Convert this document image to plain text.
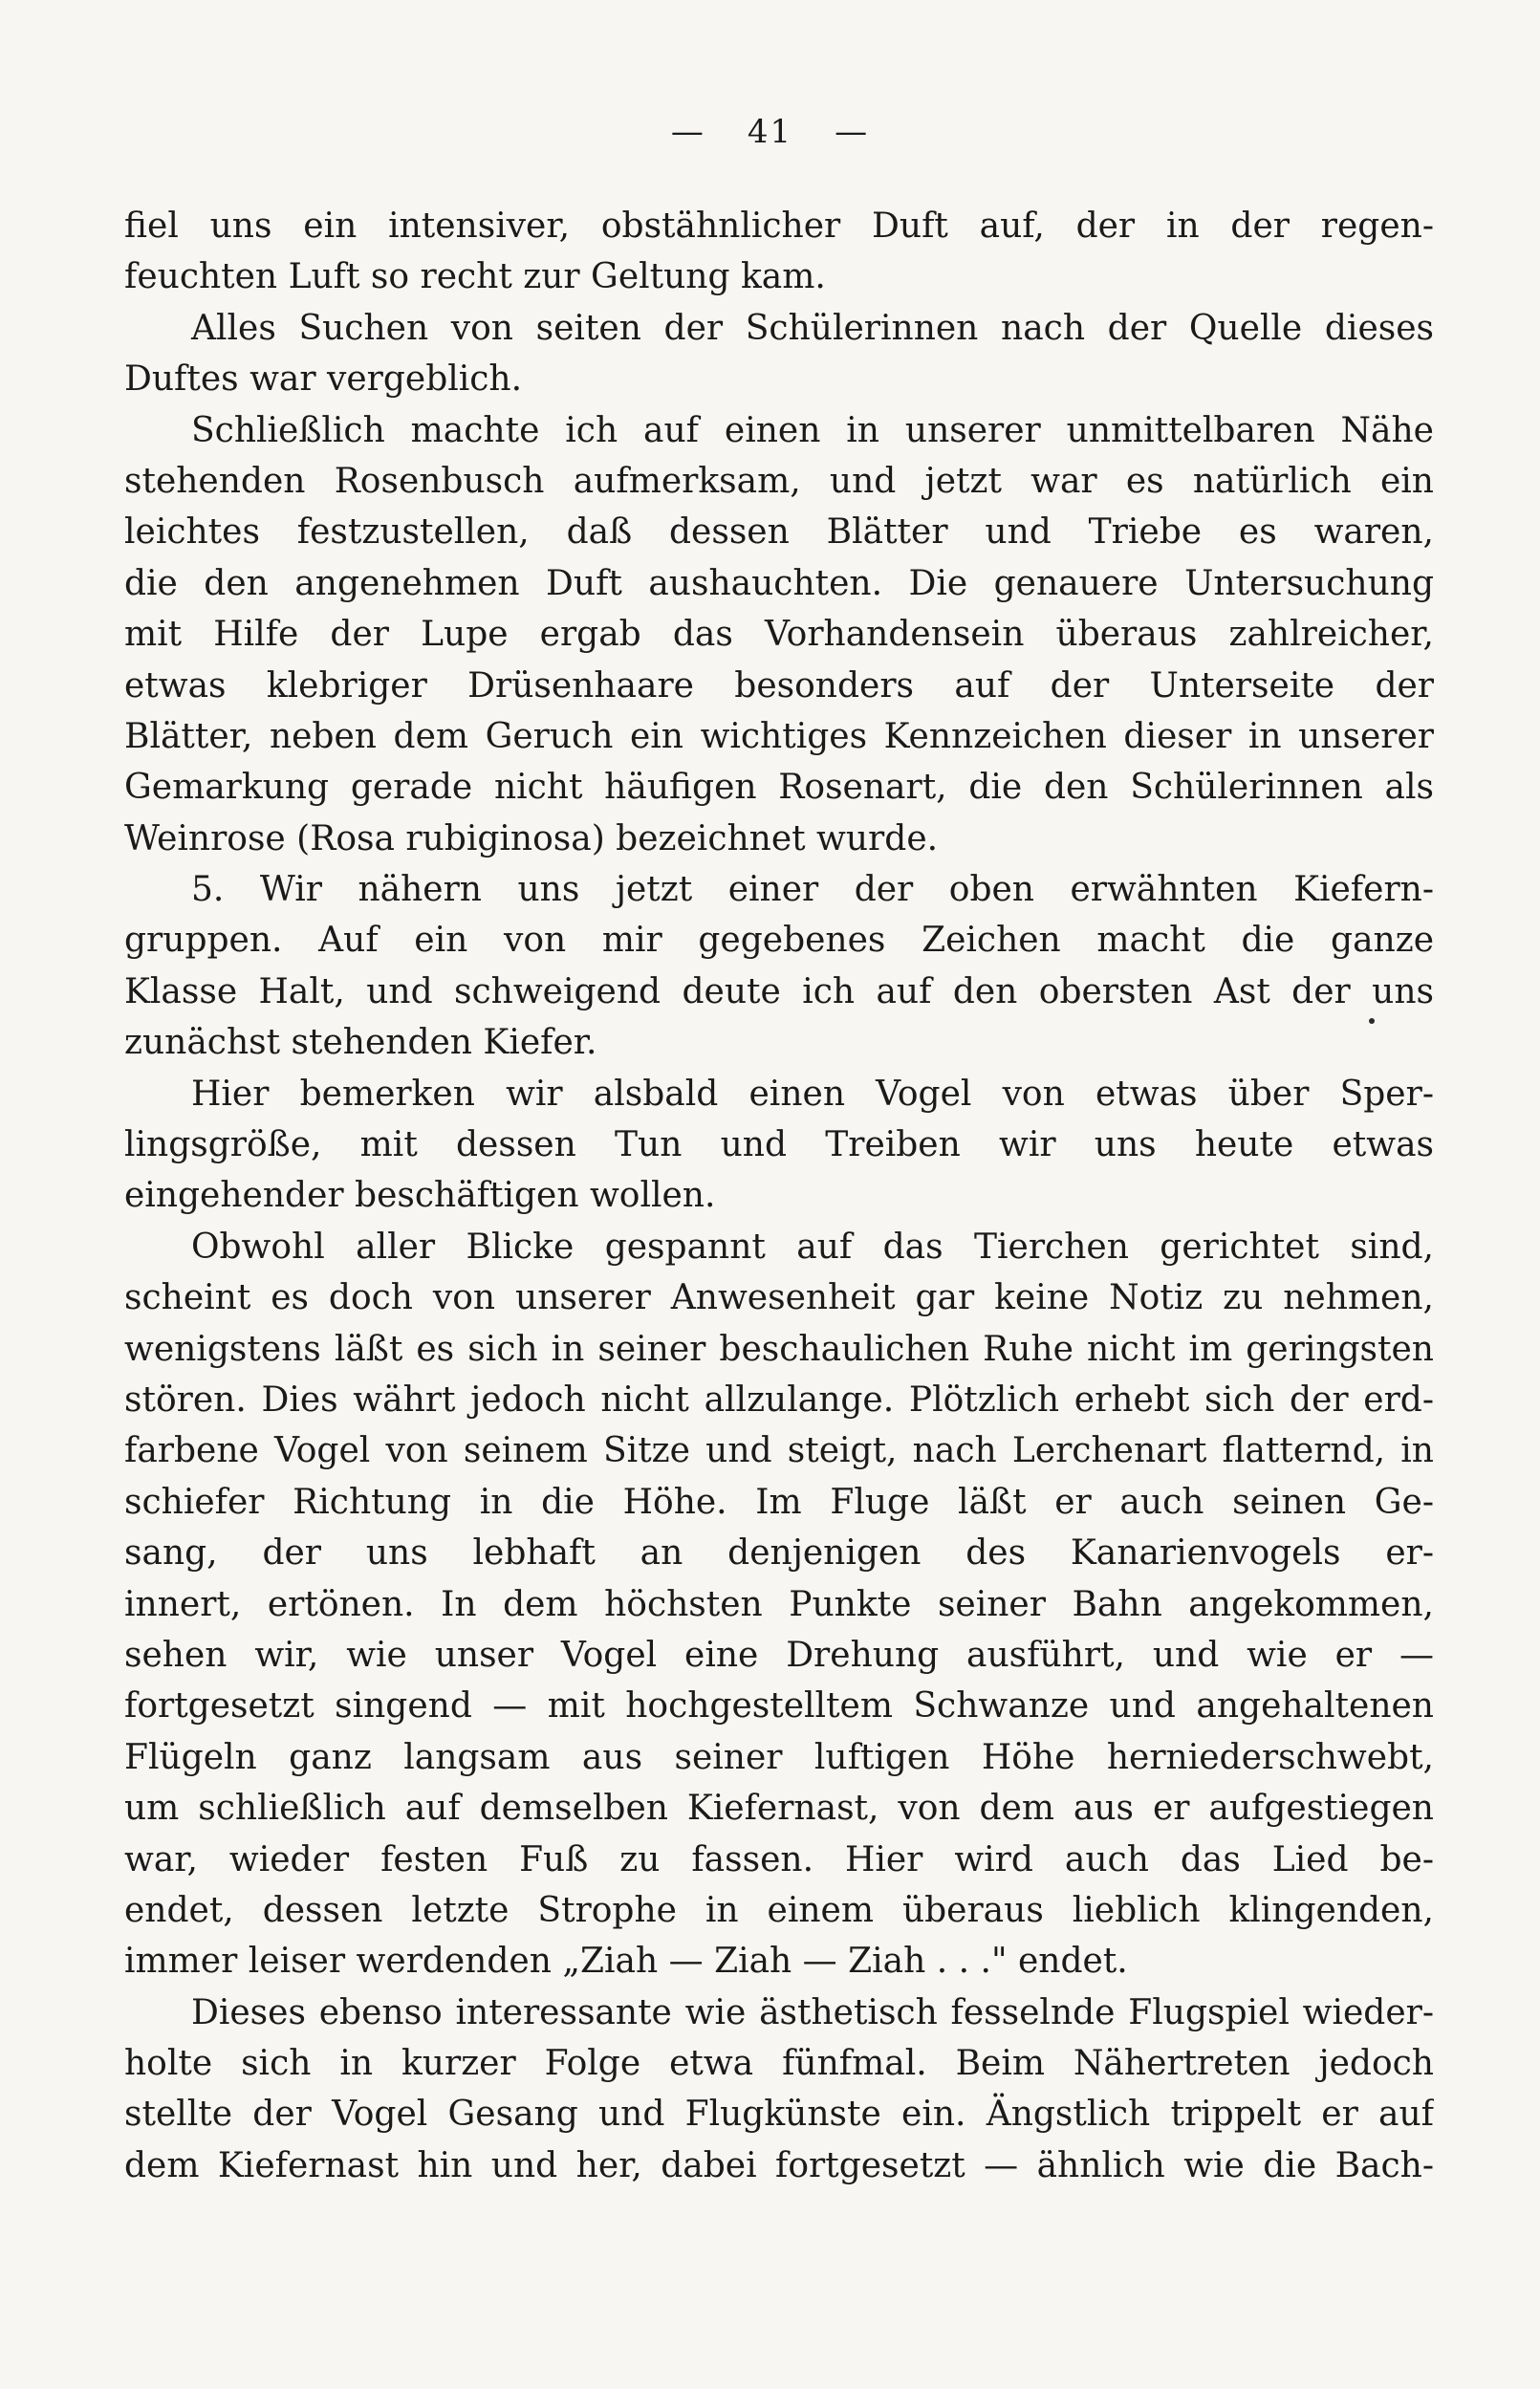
— 41 —
fiel uns ein intensiver, obstähnlicher Duft auf, der in der regen-
feuchten Luft so recht zur Geltung kam.
Alles Suchen von seiten der Schülerinnen nach der Quelle dieses
Duftes war vergeblich.
Schließlich machte ich auf einen in unserer unmittelbaren Nähe
stehenden Rosenbusch aufmerksam, und jetzt war es natürlich ein
leichtes festzustellen, daß dessen Blätter und Triebe es waren,
die den angenehmen Duft aushauchten. Die genauere Untersuchung
mit Hilfe der Lupe ergab das Vorhandensein überaus zahlreicher,
etwas klebriger Drüsenhaare besonders auf der Unterseite der
Blätter, neben dem Geruch ein wichtiges Kennzeichen dieser in unserer
Gemarkung gerade nicht häufigen Rosenart, die den Schülerinnen als
Weinrose (Rosa rubiginosa) bezeichnet wurde.
5. Wir nähern uns jetzt einer der oben erwähnten Kiefern-
gruppen. Auf ein von mir gegebenes Zeichen macht die ganze
Klasse Halt, und schweigend deute ich auf den obersten Ast der uns
zunächst stehenden Kiefer.
Hier bemerken wir alsbald einen Vogel von etwas über Sper-
lingsgröße, mit dessen Tun und Treiben wir uns heute etwas
eingehender beschäftigen wollen.
Obwohl aller Blicke gespannt auf das Tierchen gerichtet sind,
scheint es doch von unserer Anwesenheit gar keine Notiz zu nehmen,
wenigstens läßt es sich in seiner beschaulichen Ruhe nicht im geringsten
stören. Dies währt jedoch nicht allzulange. Plötzlich erhebt sich der erd-
farbene Vogel von seinem Sitze und steigt, nach Lerchenart flatternd, in
schiefer Richtung in die Höhe. Im Fluge läßt er auch seinen Ge-
sang, der uns lebhaft an denjenigen des Kanarienvogels er-
innert, ertönen. In dem höchsten Punkte seiner Bahn angekommen,
sehen wir, wie unser Vogel eine Drehung ausführt, und wie er —
fortgesetzt singend — mit hochgestelltem Schwanze und angehaltenen
Flügeln ganz langsam aus seiner luftigen Höhe herniederschwebt,
um schließlich auf demselben Kiefernast, von dem aus er aufgestiegen
war, wieder festen Fuß zu fassen. Hier wird auch das Lied be-
endet, dessen letzte Strophe in einem überaus lieblich klingenden,
immer leiser werdenden „Ziah — Ziah — Ziah . . ." endet.
Dieses ebenso interessante wie ästhetisch fesselnde Flugspiel wieder-
holte sich in kurzer Folge etwa fünfmal. Beim Nähertreten jedoch
stellte der Vogel Gesang und Flugkünste ein. Ängstlich trippelt er auf
dem Kiefernast hin und her, dabei fortgesetzt — ähnlich wie die Bach-
